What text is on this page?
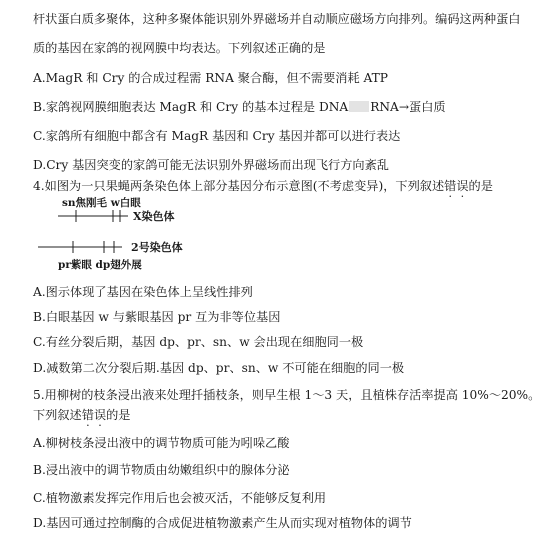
杆状蛋白质多聚体，这种多聚体能识别外界磁场并自动顺应磁场方向排列。编码这两种蛋白
质的基因在家鸽的视网膜中均表达。下列叙述正确的是
A.MagR 和 Cry 的合成过程需 RNA 聚合酶，但不需要消耗 ATP
B.家鸽视网膜细胞表达 MagR 和 Cry 的基本过程是 DNA RNA→蛋白质
C.家鸽所有细胞中都含有 MagR 基因和 Cry 基因并都可以进行表达
D.Cry 基因突变的家鸽可能无法识别外界磁场而出现飞行方向紊乱
4.如图为一只果蝇两条染色体上部分基因分布示意图(不考虑变异)，下列叙述错误的是
sn焦刚毛 w白眼
X染色体
2号染色体
pr紫眼 dp翅外展
A.图示体现了基因在染色体上呈线性排列
B.白眼基因 w 与紫眼基因 pr 互为非等位基因
C.有丝分裂后期，基因 dp、pr、sn、w 会出现在细胞同一极
D.减数第二次分裂后期.基因 dp、pr、sn、w 不可能在细胞的同一极
5.用柳树的枝条浸出液来处理扦插枝条，则早生根 1～3 天，且植株存活率提高 10%～20%。
下列叙述错误的是
A.柳树枝条浸出液中的调节物质可能为吲哚乙酸
B.浸出液中的调节物质由幼嫩组织中的腺体分泌
C.植物激素发挥完作用后也会被灭活，不能够反复利用
D.基因可通过控制酶的合成促进植物激素产生从而实现对植物体的调节
